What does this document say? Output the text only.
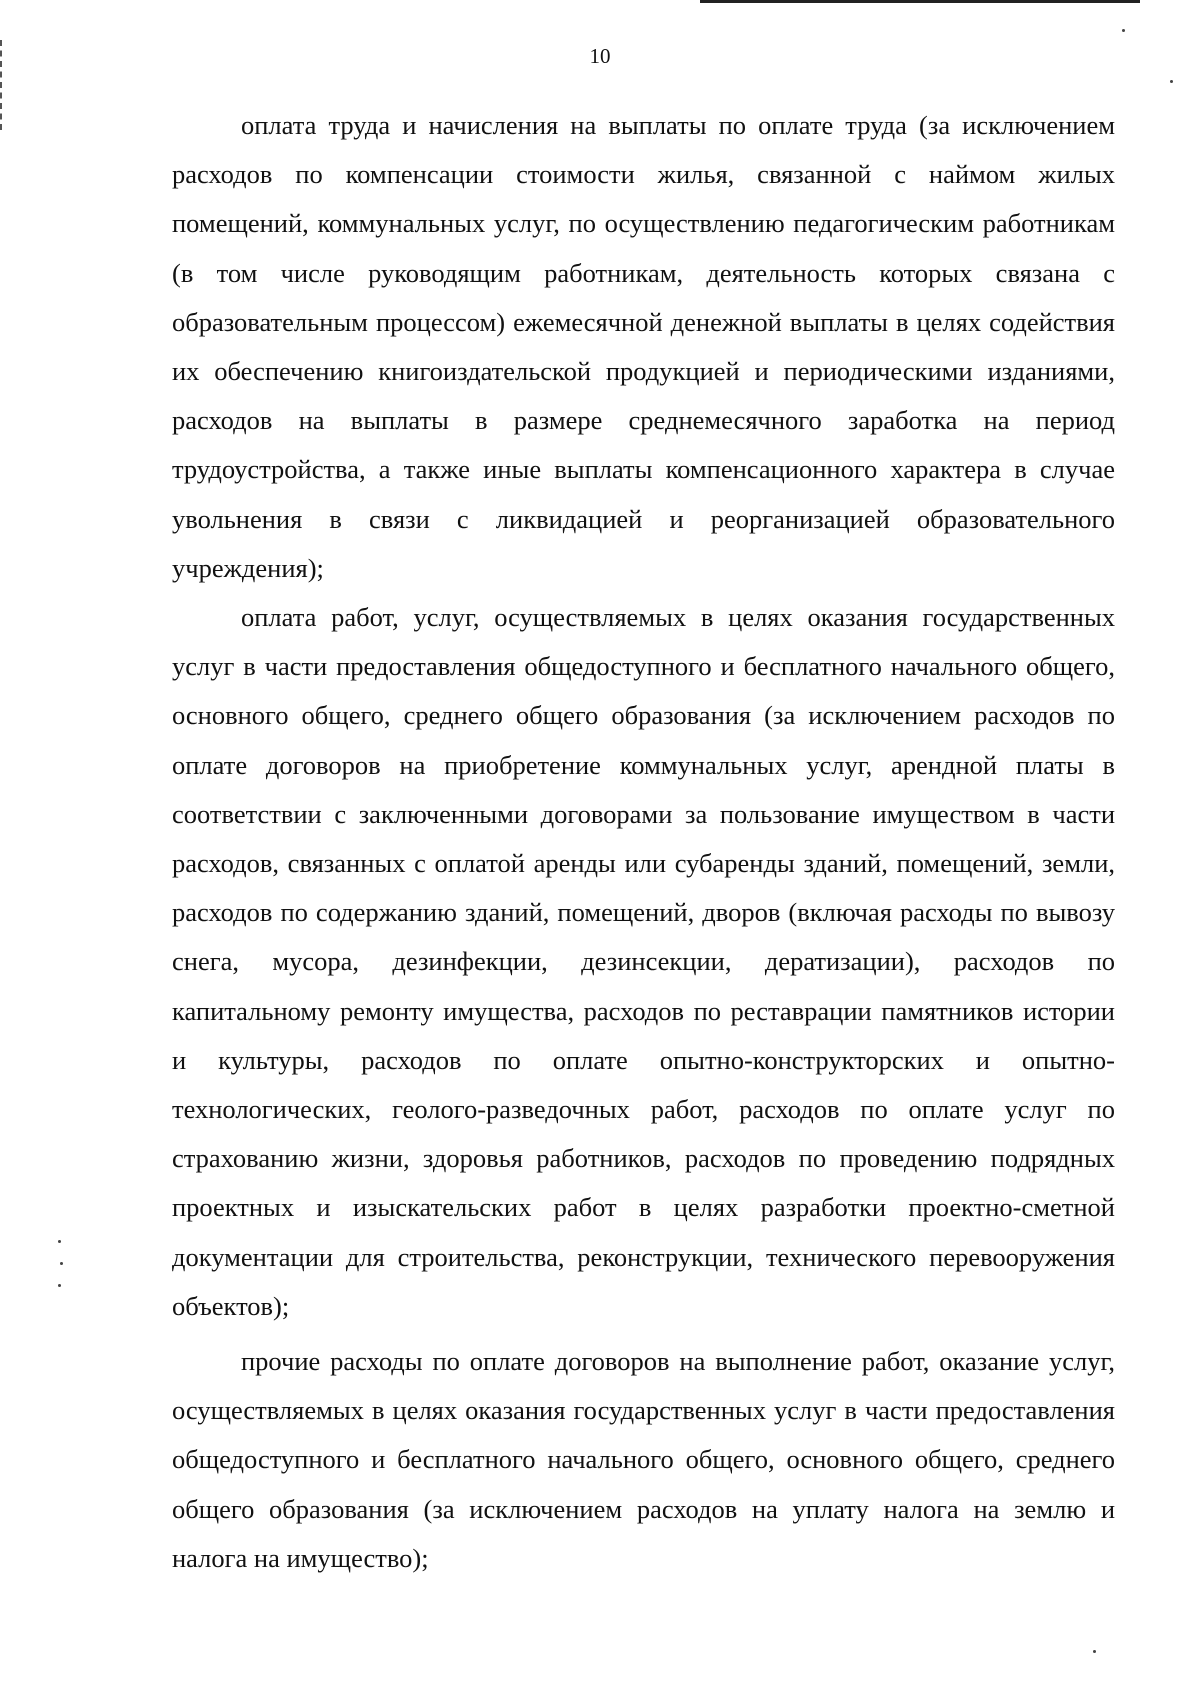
10

оплата труда и начисления на выплаты по оплате труда (за исключением расходов по компенсации стоимости жилья, связанной с наймом жилых помещений, коммунальных услуг, по осуществлению педагогическим работникам (в том числе руководящим работникам, деятельность которых связана с образовательным процессом) ежемесячной денежной выплаты в целях содействия их обеспечению книгоиздательской продукцией и периодическими изданиями, расходов на выплаты в размере среднемесячного заработка на период трудоустройства, а также иные выплаты компенсационного характера в случае увольнения в связи с ликвидацией и реорганизацией образовательного учреждения);

оплата работ, услуг, осуществляемых в целях оказания государственных услуг в части предоставления общедоступного и бесплатного начального общего, основного общего, среднего общего образования (за исключением расходов по оплате договоров на приобретение коммунальных услуг, арендной платы в соответствии с заключенными договорами за пользование имуществом в части расходов, связанных с оплатой аренды или субаренды зданий, помещений, земли, расходов по содержанию зданий, помещений, дворов (включая расходы по вывозу снега, мусора, дезинфекции, дезинсекции, дератизации), расходов по капитальному ремонту имущества, расходов по реставрации памятников истории и культуры, расходов по оплате опытно-конструкторских и опытно-технологических, геолого-разведочных работ, расходов по оплате услуг по страхованию жизни, здоровья работников, расходов по проведению подрядных проектных и изыскательских работ в целях разработки проектно-сметной документации для строительства, реконструкции, технического перевооружения объектов);

прочие расходы по оплате договоров на выполнение работ, оказание услуг, осуществляемых в целях оказания государственных услуг в части предоставления общедоступного и бесплатного начального общего, основного общего, среднего общего образования (за исключением расходов на уплату налога на землю и налога на имущество);
